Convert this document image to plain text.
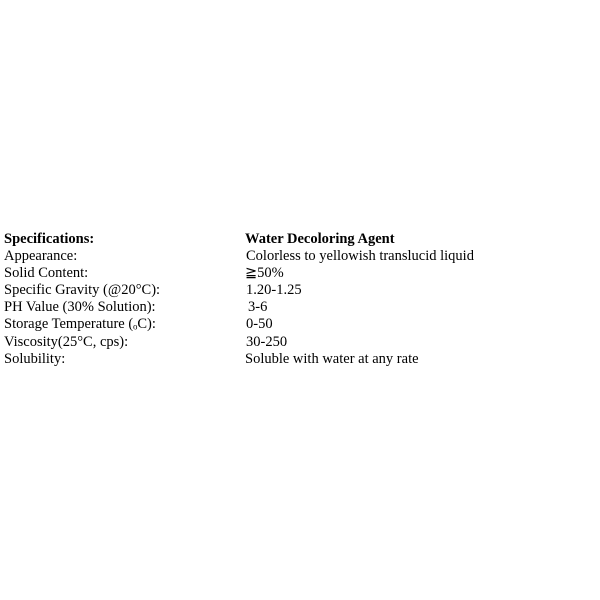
Specifications:	Water Decoloring Agent
Appearance:	Colorless to yellowish translucid liquid
Solid Content:	≧50%
Specific Gravity (@20°C):	1.20-1.25
PH Value (30% Solution):	3-6
Storage Temperature (ₒC):	0-50
Viscosity(25°C, cps):	30-250
Solubility:	Soluble with water at any rate
